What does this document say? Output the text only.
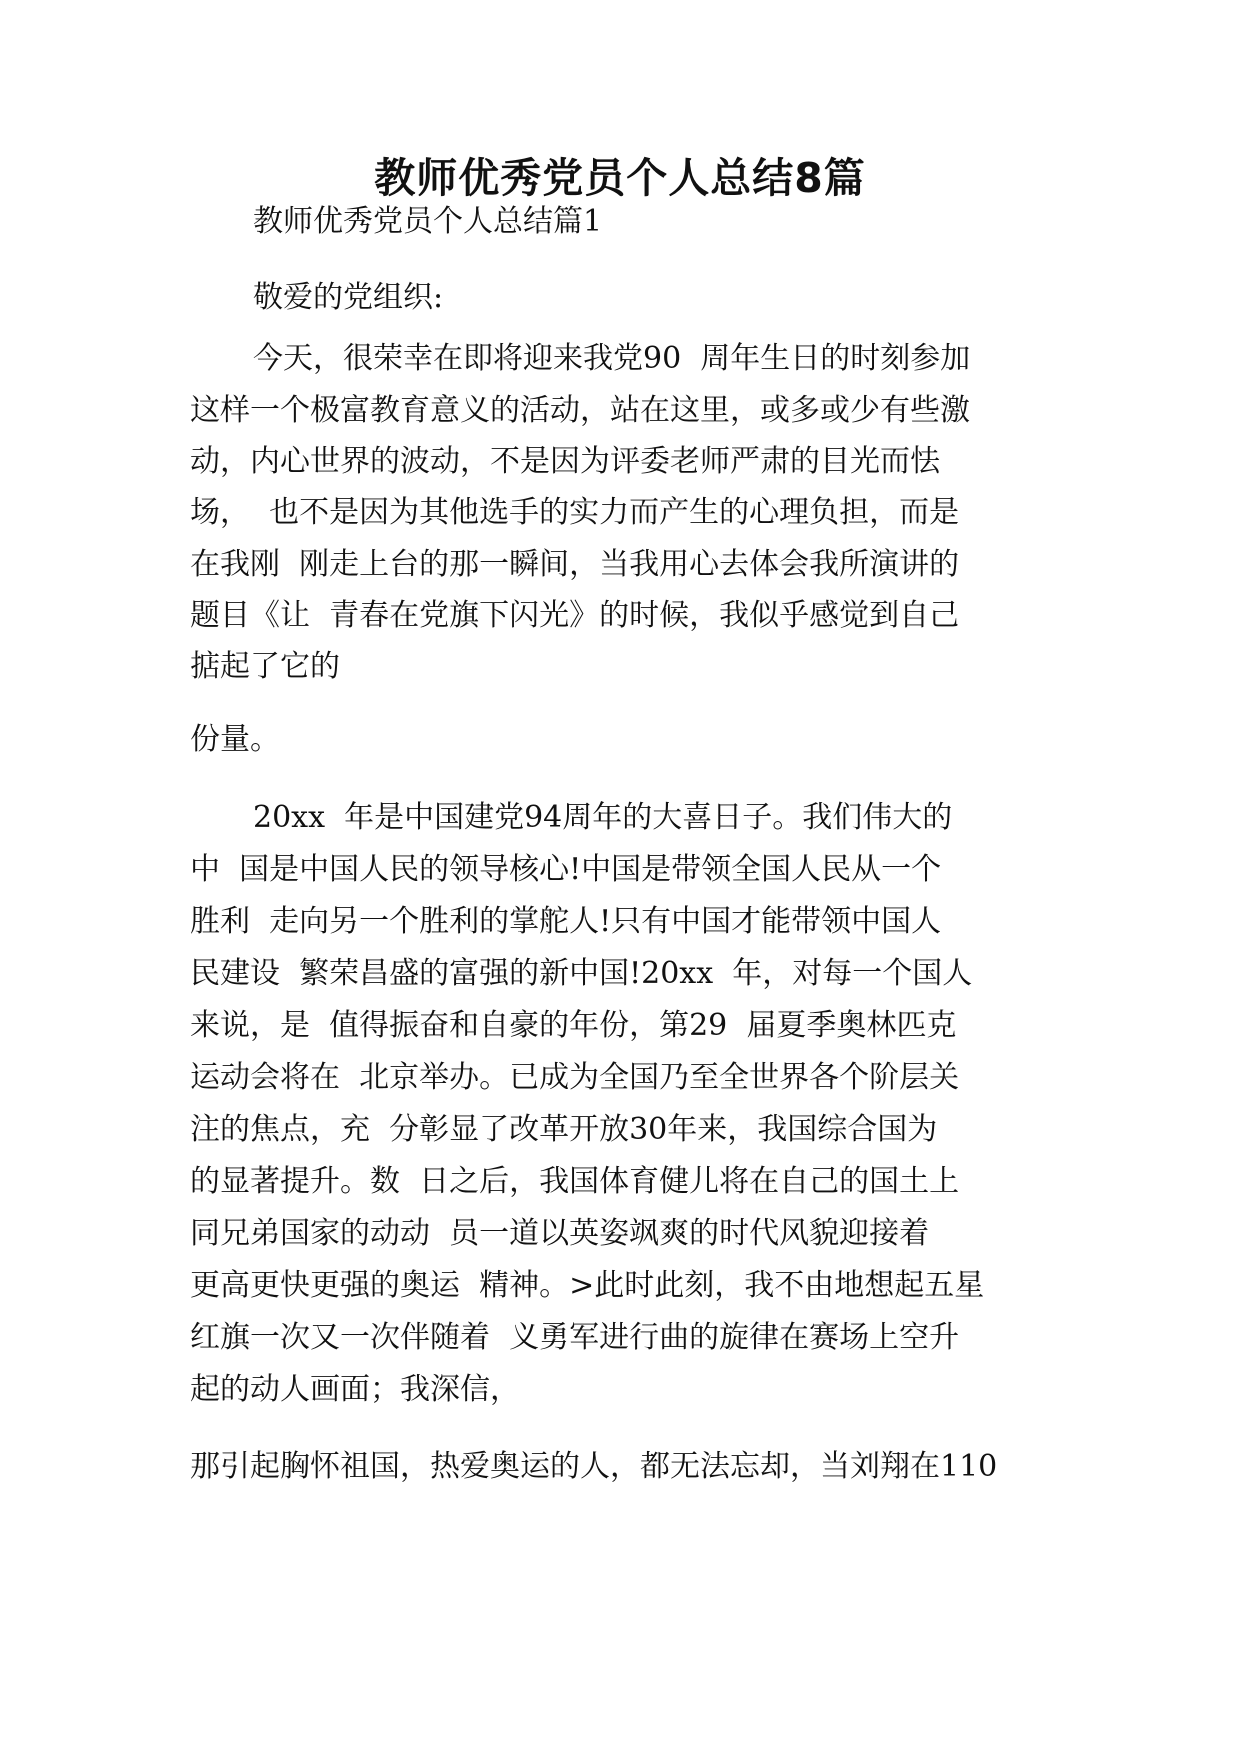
教师优秀党员个人总结8篇

教师优秀党员个人总结篇1

敬爱的党组织:

今天，很荣幸在即将迎来我党90  周年生日的时刻参加

这样一个极富教育意义的活动，站在这里，或多或少有些激

动，内心世界的波动，不是因为评委老师严肃的目光而怯

场，  也不是因为其他选手的实力而产生的心理负担，而是

在我刚  刚走上台的那一瞬间，当我用心去体会我所演讲的

题目《让  青春在党旗下闪光》的时候，我似乎感觉到自己

掂起了它的

份量。

20xx  年是中国建党94周年的大喜日子。我们伟大的

中  国是中国人民的领导核心!中国是带领全国人民从一个

胜利  走向另一个胜利的掌舵人!只有中国才能带领中国人

民建设  繁荣昌盛的富强的新中国!20xx  年，对每一个国人

来说，是  值得振奋和自豪的年份，第29  届夏季奥林匹克

运动会将在  北京举办。已成为全国乃至全世界各个阶层关

注的焦点，充  分彰显了改革开放30年来，我国综合国为

的显著提升。数  日之后，我国体育健儿将在自己的国土上

同兄弟国家的动动  员一道以英姿飒爽的时代风貌迎接着

更高更快更强的奥运  精神。>此时此刻，我不由地想起五星

红旗一次又一次伴随着  义勇军进行曲的旋律在赛场上空升

起的动人画面；我深信，

那引起胸怀祖国，热爱奥运的人，都无法忘却，当刘翔在110
